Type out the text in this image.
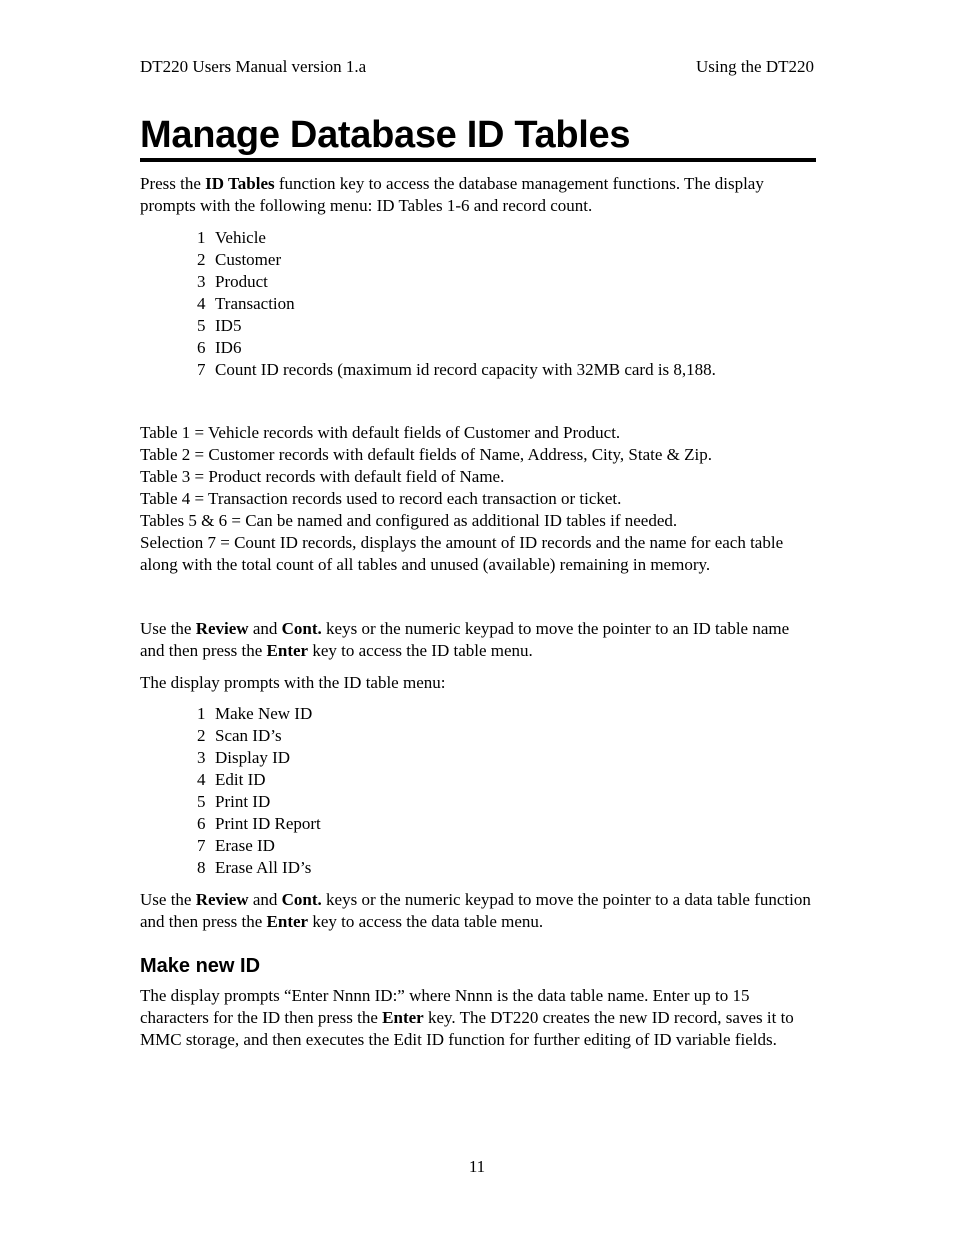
DT220 Users Manual version 1.a	Using the DT220
Manage Database ID Tables

Press the ID Tables function key to access the database management functions. The display prompts with the following menu: ID Tables 1-6 and record count.

1 Vehicle
2 Customer
3 Product
4 Transaction
5 ID5
6 ID6
7 Count ID records (maximum id record capacity with 32MB card is 8,188.

Table 1 = Vehicle records with default fields of Customer and Product.

Table 2 = Customer records with default fields of Name, Address, City, State & Zip.

Table 3 = Product records with default field of Name.

Table 4 = Transaction records used to record each transaction or ticket.

Tables 5 & 6 = Can be named and configured as additional ID tables if needed.

Selection 7 = Count ID records, displays the amount of ID records and the name for each table along with the total count of all tables and unused (available) remaining in memory.

Use the Review and Cont. keys or the numeric keypad to move the pointer to an ID table name and then press the Enter key to access the ID table menu.

The display prompts with the ID table menu:

1 Make New ID
2 Scan ID’s
3 Display ID
4 Edit ID
5 Print ID
6 Print ID Report
7 Erase ID
8 Erase All ID’s

Use the Review and Cont. keys or the numeric keypad to move the pointer to a data table function and then press the Enter key to access the data table menu.

Make new ID

The display prompts “Enter Nnnn ID:” where Nnnn is the data table name. Enter up to 15 characters for the ID then press the Enter key. The DT220 creates the new ID record, saves it to MMC storage, and then executes the Edit ID function for further editing of ID variable fields.

11
